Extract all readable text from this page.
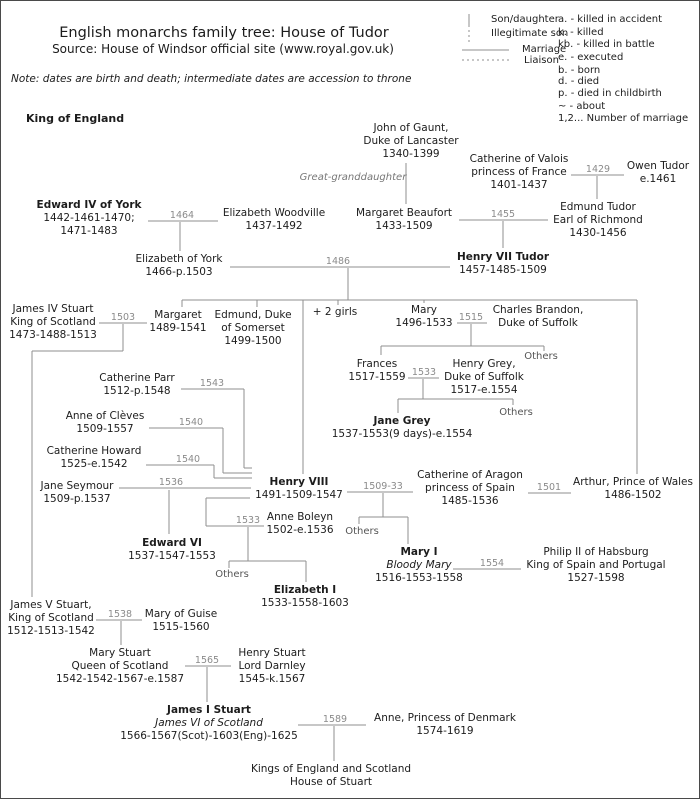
English monarchs family tree: House of Tudor
Source: House of Windsor official site (www.royal.gov.uk)
Note: dates are birth and death; intermediate dates are accession to throne
King of England
Son/daughter
Illegitimate son
Marriage
Liaison
a. - killed in accident
k. - killed
kb. - killed in battle
e. - executed
b. - born
d. - died
p. - died in childbirth
~ - about
1,2... Number of marriage
Great-granddaughter
+ 2 girls
Others
Others
Others
Others
1429
1464	1455
1486
1503	1515
1533
1543
1540
1540
1536
1533
1509-33	1501
1554
1538
1565
1589
John of Gaunt,
Duke of Lancaster
1340-1399	Catherine of Valois
princess of France
1401-1437
Owen Tudor
e.1461
Edmund Tudor
Earl of Richmond
1430-1456
Edward IV of York
1442-1461-1470;
1471-1483
Elizabeth Woodville
1437-1492
Margaret Beaufort
1433-1509
Elizabeth of York
1466-p.1503
Henry VII Tudor
1457-1485-1509
James IV Stuart
King of Scotland
1473-1488-1513
Margaret
1489-1541
Edmund, Duke
of Somerset
1499-1500
Mary
1496-1533
Charles Brandon,
Duke of Suffolk
Frances
1517-1559
Henry Grey,
Duke of Suffolk
1517-e.1554
Jane Grey
1537-1553(9 days)-e.1554
Catherine Parr
1512-p.1548
Anne of Clèves
1509-1557
Catherine Howard
1525-e.1542
Jane Seymour
1509-p.1537
Henry VIII
1491-1509-1547
Anne Boleyn
1502-e.1536
Edward VI
1537-1547-1553
Elizabeth I
1533-1558-1603
Catherine of Aragon
princess of Spain
1485-1536
Arthur, Prince of Wales
1486-1502
Mary I
Bloody Mary
1516-1553-1558
Philip II of Habsburg
King of Spain and Portugal
1527-1598
James V Stuart,
King of Scotland
1512-1513-1542
Mary of Guise
1515-1560
Mary Stuart
Queen of Scotland
1542-1542-1567-e.1587
Henry Stuart
Lord Darnley
1545-k.1567
James I Stuart
James VI of Scotland
1566-1567(Scot)-1603(Eng)-1625
Anne, Princess of Denmark
1574-1619
Kings of England and Scotland
House of Stuart
